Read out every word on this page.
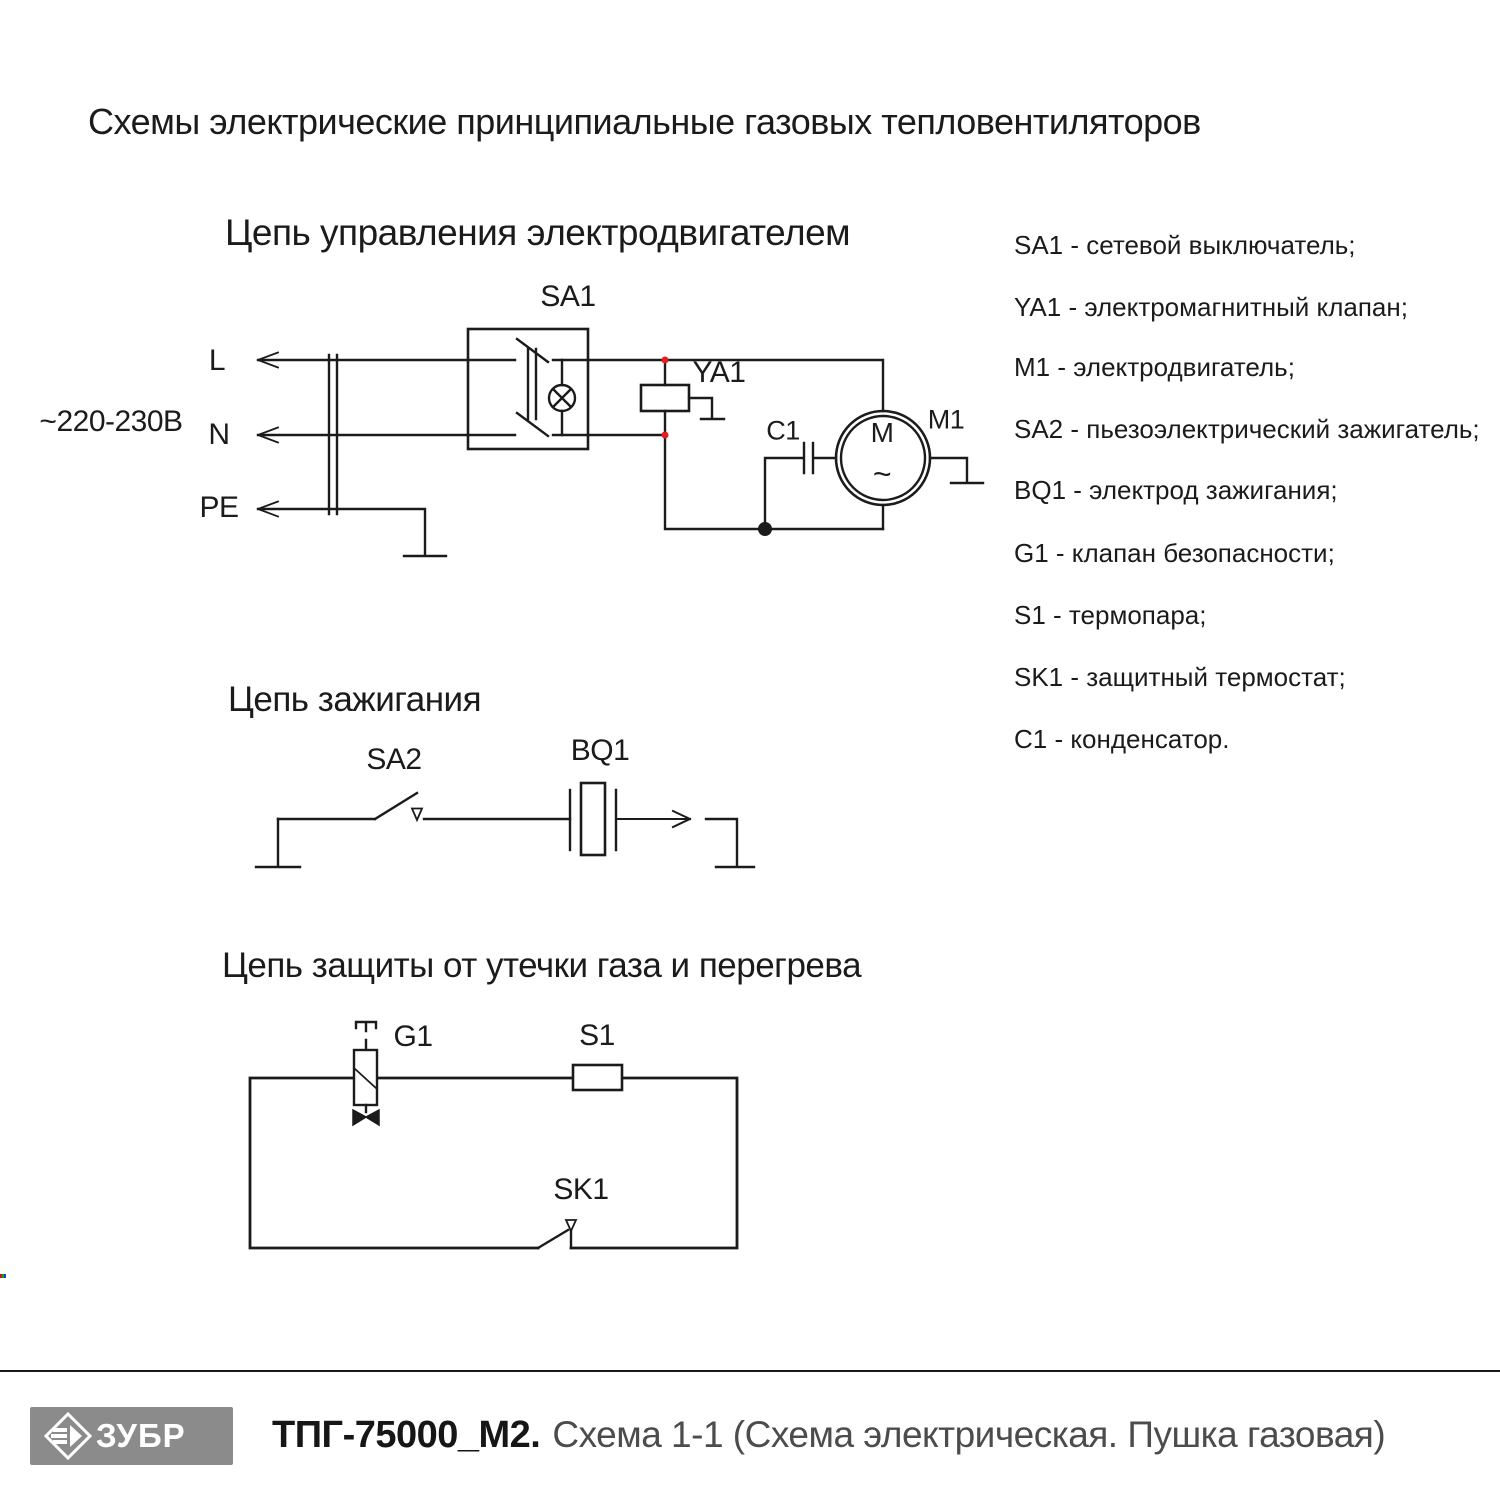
Схемы электрические принципиальные газовых тепловентиляторов
Цепь управления электродвигателем
~220-230В
L
N
PE
SA1
YA1
C1	M1
M
~
Цепь зажигания
SA2	BQ1
Цепь защиты от утечки газа и перегрева
G1	S1
SK1
SA1 - сетевой выключатель;
YA1 - электромагнитный клапан;
M1 - электродвигатель;
SA2 - пьезоэлектрический зажигатель;
BQ1 - электрод зажигания;
G1 - клапан безопасности;
S1 - термопара;
SK1 - защитный термостат;
C1 - конденсатор.
ЗУБР ТПГ-75000_М2. Схема 1-1 (Схема электрическая. Пушка газовая)
